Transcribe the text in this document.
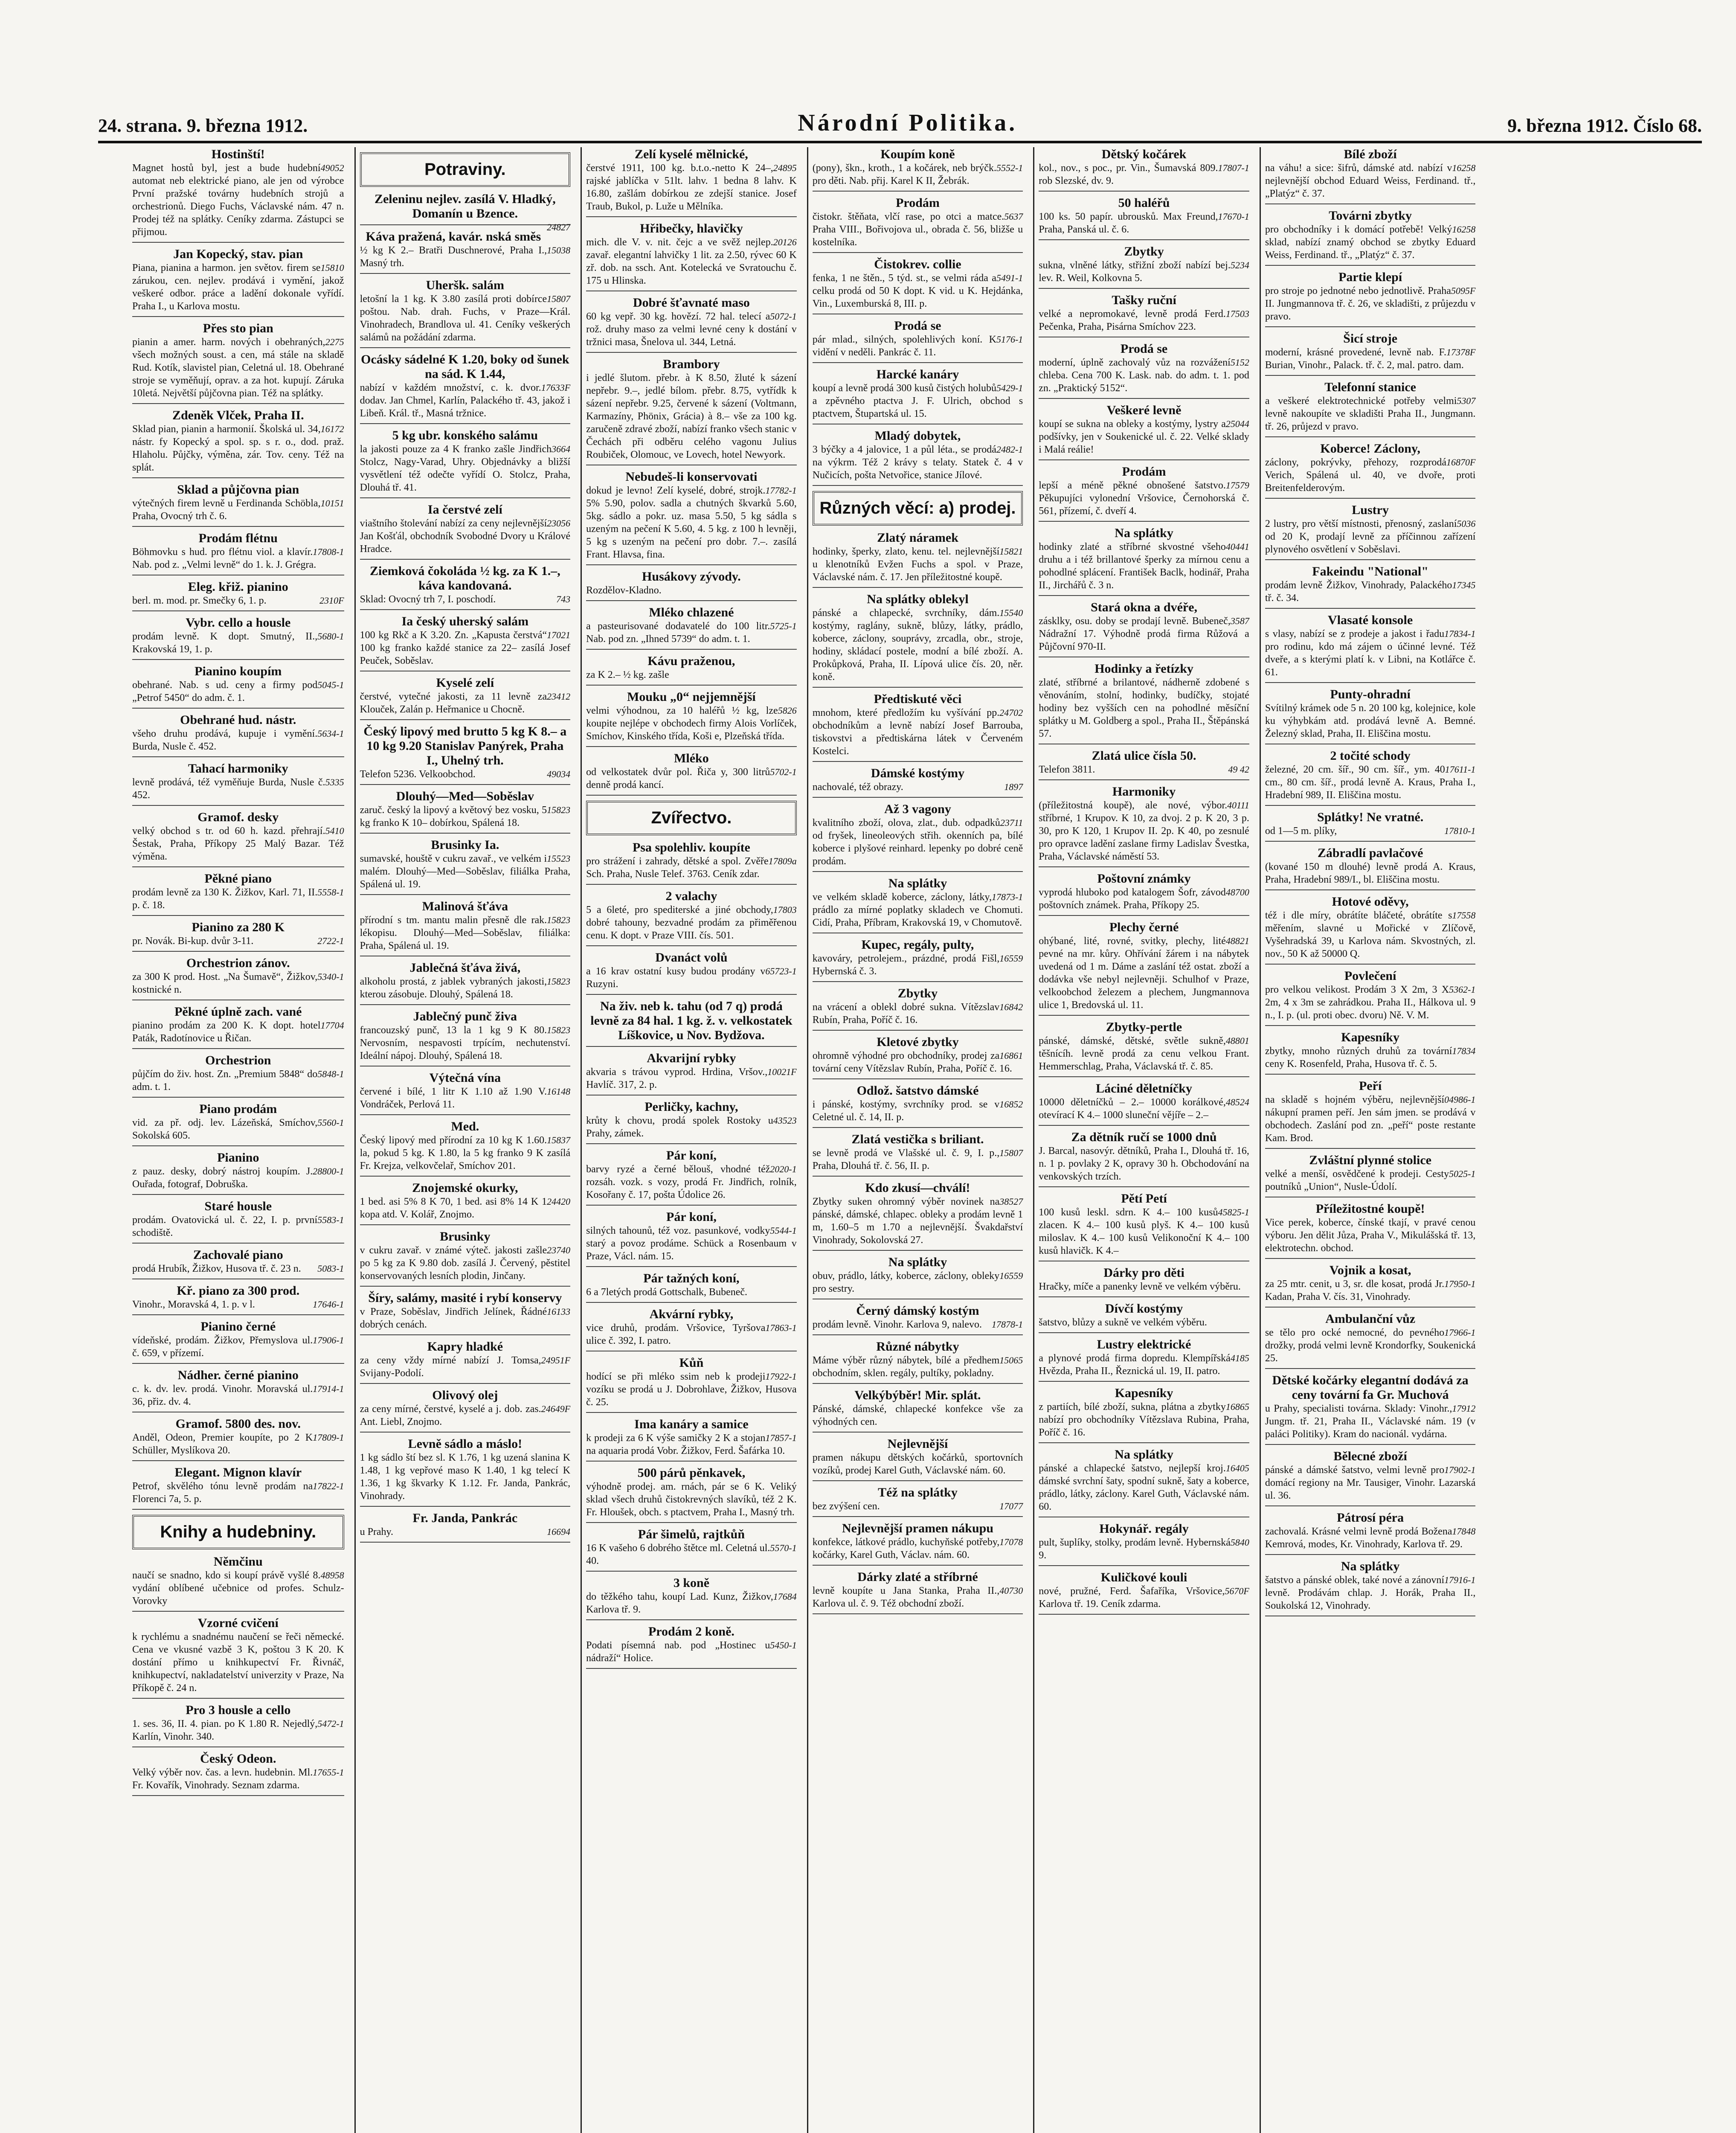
24. strana. 9. března 1912.	Národní Politika.	9. března 1912. Číslo 68.
Hostinští!
49052
Magnet hostů byl, jest a bude hudební automat neb elektrické piano, ale jen od výrobce První pražské továrny hudebních strojů a orchestrionů. Diego Fuchs, Václavské nám. 47 n. Prodej též na splátky. Ceníky zdarma. Zástupci se přijmou.
Jan Kopecký, stav. pian
15810
Piana, pianina a harmon. jen světov. firem se zárukou, cen. nejlev. prodává i vymění, jakož veškeré odbor. práce a ladění dokonale vyřídí. Praha I., u Karlova mostu.
Přes sto pian
2275
pianin a amer. harm. nových i obehraných, všech možných soust. a cen, má stále na skladě Rud. Kotík, slavistel pian, Celetná ul. 18. Obehrané stroje se vyměňují, oprav. a za hot. kupují. Záruka 10letá. Největší půjčovna pian. Též na splátky.
Zdeněk Vlček, Praha II.
16172
Sklad pian, pianin a harmonií. Školská ul. 34, nástr. fy Kopecký a spol. sp. s r. o., dod. praž. Hlaholu. Půjčky, výměna, zár. Tov. ceny. Též na splát.
Sklad a půjčovna pian
10151
výtečných firem levně u Ferdinanda Schöbla, Praha, Ovocný trh č. 6.
Prodám flétnu
17808-1
Böhmovku s hud. pro flétnu viol. a klavír. Nab. pod z. „Velmi levně“ do 1. k. J. Grégra.
Eleg. křiž. pianino
2310F
berl. m. mod. pr. Smečky 6, 1. p.
Vybr. cello a housle
5680-1
prodám levně. K dopt. Smutný, II., Krakovská 19, 1. p.
Pianino koupím
5045-1
obehrané. Nab. s ud. ceny a firmy pod „Petrof 5450“ do adm. č. 1.
Obehrané hud. nástr.
5634-1
všeho druhu prodává, kupuje i vymění. Burda, Nusle č. 452.
Tahací harmoniky
5335
levně prodává, též vyměňuje Burda, Nusle č. 452.
Gramof. desky
5410
velký obchod s tr. od 60 h. kazd. přehrají. Šestak, Praha, Příkopy 25 Malý Bazar. Též výměna.
Pěkné piano
5558-1
prodám levně za 130 K. Žižkov, Karl. 71, II. p. č. 18.
Pianino za 280 K
2722-1
pr. Novák. Bi-kup. dvůr 3-11.
Orchestrion zánov.
5340-1
za 300 K prod. Host. „Na Šumavě“, Žižkov, kostnické n.
Pěkné úplně zach. vané
17704
pianino prodám za 200 K. K dopt. hotel Paták, Radotínovice u Řičan.
Orchestrion
5848-1
půjčím do živ. host. Zn. „Premium 5848“ do adm. t. 1.
Piano prodám
5560-1
vid. za př. odj. lev. Lázeňská, Smíchov, Sokolská 605.
Pianino
28800-1
z pauz. desky, dobrý nástroj koupím. J. Ouřada, fotograf, Dobruška.
Staré housle
5583-1
prodám. Ovatovická ul. č. 22, I. p. první schodiště.
Zachovalé piano
5083-1
prodá Hrubík, Žižkov, Husova tř. č. 23 n.
Kř. piano za 300 prod.
17646-1
Vinohr., Moravská 4, 1. p. v l.
Pianino černé
17906-1
vídeňské, prodám. Žižkov, Přemyslova ul. č. 659, v přízemí.
Nádher. černé pianino
17914-1
c. k. dv. lev. prodá. Vinohr. Moravská ul. 36, přiz. dv. 4.
Gramof. 5800 des. nov.
17809-1
Anděl, Odeon, Premier koupíte, po 2 K Schüller, Myslíkova 20.
Elegant. Mignon klavír
17822-1
Petrof, skvělého tónu levně prodám na Florenci 7a, 5. p.
Knihy a hudebniny.
Němčinu
48958
naučí se snadno, kdo si koupí právě vyšlé 8. vydání oblíbené učebnice od profes. Schulz-Vorovky
Vzorné cvičení
k rychlému a snadnému naučení se řeči německé. Cena ve vkusné vazbě 3 K, poštou 3 K 20. K dostání přímo u knihkupectví Fr. Řivnáč, knihkupectví, nakladatelství univerzity v Praze, Na Příkopě č. 24 n.
Pro 3 housle a cello
5472-1
1. ses. 36, II. 4. pian. po K 1.80 R. Nejedlý, Karlín, Vinohr. 340.
Český Odeon.
17655-1
Velký výběr nov. čas. a levn. hudebnin. Ml. Fr. Kovařík, Vinohrady. Seznam zdarma.
Potraviny.
Zeleninu nejlev. zasílá V. Hladký, Domanín u Bzence.
24827
Káva pražená, kavár. nská směs
15038
½ kg K 2.– Bratři Duschnerové, Praha I., Masný trh.
Uheršk. salám
15807
letošní la 1 kg. K 3.80 zasílá proti dobírce poštou. Nab. drah. Fuchs, v Praze—Král. Vinohradech, Brandlova ul. 41. Ceníky veškerých salámů na požádání zdarma.
Ocásky sádelné K 1.20, boky od šunek na sád. K 1.44,
17633F
nabízí v každém množství, c. k. dvor. dodav. Jan Chmel, Karlín, Palackého tř. 43, jakož i Libeň. Král. tř., Masná tržnice.
5 kg ubr. konského salámu
3664
la jakosti pouze za 4 K franko zašle Jindřich Stolcz, Nagy-Varad, Uhry. Objednávky a bližší vysvětlení též odečte vyřídí O. Stolcz, Praha, Dlouhá tř. 41.
Ia čerstvé zelí
23056
viaštního štolevání nabízí za ceny nejlevnější Jan Košťál, obchodník Svobodné Dvory u Králové Hradce.
Ziemková čokoláda ½ kg. za K 1.–, káva kandovaná.
743
Sklad: Ovocný trh 7, I. poschodí.
Ia český uherský salám
17021
100 kg Rkč a K 3.20. Zn. „Kapusta čerstvá“ 100 kg franko každé stanice za 22– zasílá Josef Peuček, Soběslav.
Kyselé zelí
23412
čerstvé, vytečné jakosti, za 11 levně za Klouček, Zalán p. Heřmanice u Chocně.
Český lipový med brutto 5 kg K 8.– a 10 kg 9.20 Stanislav Panýrek, Praha I., Uhelný trh.
49034
Telefon 5236. Velkoobchod.
Dlouhý—Med—Soběslav
15823
zaruč. český la lipový a květový bez vosku, 5 kg franko K 10– dobírkou, Spálená 18.
Brusinky Ia.
15523
sumavské, houště v cukru zavař., ve velkém i malém. Dlouhý—Med—Soběslav, filiálka Praha, Spálená ul. 19.
Malinová šťáva
15823
přírodní s tm. mantu malin přesně dle rak. lékopisu. Dlouhý—Med—Soběslav, filiálka: Praha, Spálená ul. 19.
Jablečná šťáva živá,
15823
alkoholu prostá, z jablek vybraných jakosti, kterou zásobuje. Dlouhý, Spálená 18.
Jablečný punč živa
15823
francouzský punč, 13 la 1 kg 9 K 80. Nervosním, nespavosti trpícím, nechutenství. Ideální nápoj. Dlouhý, Spálená 18.
Výtečná vína
16148
červené i bílé, 1 litr K 1.10 až 1.90 V. Vondráček, Perlová 11.
Med.
15837
Český lipový med přírodní za 10 kg K 1.60. la, pokud 5 kg. K 1.80, la 5 kg franko 9 K zasílá Fr. Krejza, velkovčelař, Smíchov 201.
Znojemské okurky,
24420
1 bed. asi 5% 8 K 70, 1 bed. asi 8% 14 K 1 kopa atd. V. Kolář, Znojmo.
Brusinky
23740
v cukru zavař. v známé výteč. jakosti zašle po 5 kg za K 9.80 dob. zasílá J. Červený, pěstitel konservovaných lesních plodin, Jinčany.
Šíry, salámy, masité i rybí konservy
16133
v Praze, Soběslav, Jindřich Jelínek, Řádné dobrých cenách.
Kapry hladké
24951F
za ceny vždy mírné nabízí J. Tomsa, Svijany-Podolí.
Olivový olej
24649F
za ceny mírné, čerstvé, kyselé a j. dob. zas. Ant. Liebl, Znojmo.
Levně sádlo a máslo!
1 kg sádlo ští bez sl. K 1.76, 1 kg uzená slanina K 1.48, 1 kg vepřové maso K 1.40, 1 kg telecí K 1.36, 1 kg škvarky K 1.12. Fr. Janda, Pankrác, Vinohrady.
Fr. Janda, Pankrác
16694
u Prahy.
Zelí kyselé mělnické,
24895
čerstvé 1911, 100 kg. b.t.o.-netto K 24–, rajské jablíčka v 51lt. lahv. 1 bedna 8 lahv. K 16.80, zašlám dobírkou ze zdejší stanice. Josef Traub, Bukol, p. Luže u Mělníka.
Hřibečky, hlavičky
20126
mich. dle V. v. nit. čejc a ve svěž nejlep. zavař. elegantní lahvičky 1 lit. za 2.50, rývec 60 K zř. dob. na ssch. Ant. Kotelecká ve Svratouchu č. 175 u Hlinska.
Dobré šťavnaté maso
5072-1
60 kg vepř. 30 kg. hovězí. 72 hal. telecí a rož. druhy maso za velmi levné ceny k dostání v tržnici masa, Šnelova ul. 344, Letná.
Brambory
i jedlé šlutom. přebr. à K 8.50, žluté k sázení nepřebr. 9.–, jedlé bílom. přebr. 8.75, vytřídk k sázení nepřebr. 9.25, červené k sázení (Voltmann, Karmazíny, Phönix, Grácia) à 8.– vše za 100 kg. zaručeně zdravé zboží, nabízí franko všech stanic v Čechách při odběru celého vagonu Julius Roubiček, Olomouc, ve Lovech, hotel Newyork.
Nebudeš-li konservovati
17782-1
dokud je levno! Zelí kyselé, dobré, strojk. 5% 5.90, polov. sadla a chutných škvarků 5.60, 5kg. sádlo a pokr. uz. masa 5.50, 5 kg sádla s uzeným na pečení K 5.60, 4. 5 kg. z 100 h levněji, 5 kg s uzeným na pečení pro dobr. 7.–. zasílá Frant. Hlavsa, fina.
Husákovy zývody.
Rozdělov-Kladno.
Mléko chlazené
5725-1
a pasteurisované dodavatelé do 100 litr. Nab. pod zn. „Ihned 5739“ do adm. t. 1.
Kávu praženou,
za K 2.– ½ kg. zašle
Mouku „0“ nejjemnější
5826
velmi výhodnou, za 10 haléřů ½ kg, lze koupite nejlépe v obchodech firmy Alois Vorlíček, Smíchov, Kinského třída, Koši e, Plzeňská třída.
Mléko
5702-1
od velkostatek dvůr pol. Řiča y, 300 litrů denně prodá kancí.
Zvířectvo.
Psa spolehliv. koupíte
17809a
pro strážení i zahrady, dětské a spol. Zvěře Sch. Praha, Nusle Telef. 3763. Ceník zdar.
2 valachy
17803
5 a 6leté, pro spediterské a jiné obchody, dobré tahouny, bezvadné prodám za přiměřenou cenu. K dopt. v Praze VIII. čís. 501.
Dvanáct volů
65723-1
a 16 krav ostatní kusy budou prodány v Ruzyni.
Na živ. neb k. tahu (od 7 q) prodá levně za 84 hal. 1 kg. ž. v. velkostatek Líškovice, u Nov. Bydžova.
Akvarijní rybky
10021F
akvaria s trávou vyprod. Hrdina, Vršov., Havlíč. 317, 2. p.
Perličky, kachny,
43523
krůty k chovu, prodá spolek Rostoky u Prahy, zámek.
Pár koní,
2020-1
barvy ryzé a černé bělouš, vhodné též rozsáh. vozk. s vozy, prodá Fr. Jindřich, rolník, Kosořany č. 17, pošta Údolice 26.
Pár koní,
5544-1
silných tahounů, též voz. pasunkové, vodky starý a povoz prodáme. Schück a Rosenbaum v Praze, Václ. nám. 15.
Pár tažných koní,
6 a 7letých prodá Gottschalk, Bubeneč.
Akvární rybky,
17863-1
vice druhů, prodám. Vršovice, Tyršova ulice č. 392, I. patro.
Kůň
17922-1
hodící se při mléko ssim neb k prodeji vozíku se prodá u J. Dobrohlave, Žižkov, Husova č. 25.
Ima kanáry a samice
17857-1
k prodeji za 6 K výše samičky 2 K a stojan na aquaria prodá Vobr. Žižkov, Ferd. Šafárka 10.
500 párů pěnkavek,
výhodně prodej. am. rnách, pár se 6 K. Veliký sklad všech druhů čistokrevných slavíků, též 2 K. Fr. Hloušek, obch. s ptactvem, Praha I., Masný trh.
Pár šimelů, rajtkůň
5570-1
16 K vašeho 6 dobrého štětce ml. Celetná ul. 40.
3 koně
17684
do těžkého tahu, koupí Lad. Kunz, Žižkov, Karlova tř. 9.
Prodám 2 koně.
5450-1
Podati písemná nab. pod „Hostinec u nádraží“ Holice.
Koupím koně
5552-1
(pony), škn., kroth., 1 a kočárek, neb brýčk. pro děti. Nab. přij. Karel K II, Žebrák.
Prodám
5637
čistokr. štěňata, vlčí rase, po otci a matce. Praha VIII., Bořivojova ul., obrada č. 56, bližše u kostelníka.
Čistokrev. collie
5491-1
fenka, 1 ne štěn., 5 týd. st., se velmi ráda a celku prodá od 50 K dopt. K vid. u K. Hejdánka, Vin., Luxemburská 8, III. p.
Prodá se
5176-1
pár mlad., silných, spolehlivých koní. K vidění v neděli. Pankrác č. 11.
Harcké kanáry
5429-1
koupí a levně prodá 300 kusů čistých holubů a zpěvného ptactva J. F. Ulrich, obchod s ptactvem, Štupartská ul. 15.
Mladý dobytek,
2482-1
3 býčky a 4 jalovice, 1 a půl léta., se prodá na výkrm. Též 2 krávy s telaty. Statek č. 4 v Nučicích, pošta Netvořice, stanice Jílové.
Různých věcí: a) prodej.
Zlatý náramek
15821
hodinky, šperky, zlato, kenu. tel. nejlevnější u klenotníků Evžen Fuchs a spol. v Praze, Václavské nám. č. 17. Jen příležitostné koupě.
Na splátky oblekyl
15540
pánské a chlapecké, svrchníky, dám. kostýmy, raglány, sukně, blůzy, látky, prádlo, koberce, záclony, souprávy, zrcadla, obr., stroje, hodiny, skládací postele, modní a bílé zboží. A. Prokůpková, Praha, II. Lípová ulice čís. 20, něr. koně.
Předtiskuté věci
24702
mnohom, které předložím ku vyšívání pp. obchodníkům a levně nabízí Josef Barrouba, tiskovstvi a předtiskárna látek v Červeném Kostelci.
Dámské kostýmy
1897
nachovalé, též obrazy.
Až 3 vagony
23711
kvalitního zboží, olova, zlat., dub. odpadků od fryšek, lineoleových střih. okenních pa, bílé koberce i plyšové reinhard. lepenky po dobré ceně prodám.
Na splátky
17873-1
ve velkém skladě koberce, záclony, látky, prádlo za mírné poplatky skladech ve Chomuti. Cidí, Praha, Příbram, Krakovská 19, v Chomutově.
Kupec, regály, pulty,
16559
kavováry, petrolejem., prázdné, prodá Fišl, Hybernská č. 3.
Zbytky
16842
na vrácení a oblekl dobré sukna. Vítězslav Rubín, Praha, Poříč č. 16.
Kletové zbytky
16861
ohromně výhodné pro obchodníky, prodej za tovární ceny Vítězslav Rubín, Praha, Poříč č. 16.
Odlož. šatstvo dámské
16852
i pánské, kostýmy, svrchníky prod. se v Celetné ul. č. 14, II. p.
Zlatá vestička s briliant.
15807
se levně prodá ve Vlašské ul. č. 9, I. p., Praha, Dlouhá tř. č. 56, II. p.
Kdo zkusí—chválí!
38527
Zbytky suken ohromný výběr novinek na pánské, dámské, chlapec. obleky a prodám levně 1 m, 1.60–5 m 1.70 a nejlevnější. Švakdařství Vinohrady, Sokolovská 27.
Na splátky
16559
obuv, prádlo, látky, koberce, záclony, obleky pro sestry.
Černý dámský kostým
17878-1
prodám levně. Vinohr. Karlova 9, nalevo.
Různé nábytky
15065
Máme výběr různý nábytek, bílé a předhem obchodním, sklen. regály, pultíky, pokladny.
Velkýbýběr! Mir. splát.
Pánské, dámské, chlapecké konfekce vše za výhodných cen.
Nejlevnější
pramen nákupu dětských kočárků, sportovních vozíků, prodej Karel Guth, Václavské nám. 60.
Též na splátky
17077
bez zvýšení cen.
Nejlevnější pramen nákupu
17078
konfekce, látkové prádlo, kuchyňské potřeby, kočárky, Karel Guth, Václav. nám. 60.
Dárky zlaté a stříbrné
40730
levně koupíte u Jana Stanka, Praha II., Karlova ul. č. 9. Též obchodní zboží.
Dětský kočárek
17807-1
kol., nov., s poc., pr. Vin., Šumavská 809. rob Slezské, dv. 9.
50 haléřů
17670-1
100 ks. 50 papír. ubrousků. Max Freund, Praha, Panská ul. č. 6.
Zbytky
5234
sukna, vlněné látky, střižní zboží nabízí bej. lev. R. Weil, Kolkovna 5.
Tašky ruční
17503
velké a nepromokavé, levně prodá Ferd. Pečenka, Praha, Pisárna Smíchov 223.
Prodá se
5152
moderní, úplně zachovalý vůz na rozvážení chleba. Cena 700 K. Lask. nab. do adm. t. 1. pod zn. „Praktický 5152“.
Veškeré levně
25044
koupí se sukna na obleky a kostýmy, lystry a podšívky, jen v Soukenické ul. č. 22. Velké sklady i Malá reálie!
Prodám
17579
lepší a méně pěkné obnošené šatstvo. Pěkupujíci vylonední Vršovice, Černohorská č. 561, přízemí, č. dveří 4.
Na splátky
40441
hodinky zlaté a stříbrné skvostné všeho druhu a i též brillantové šperky za mírnou cenu a pohodlné splácení. František Baclk, hodinář, Praha II., Jirchářů č. 3 n.
Stará okna a dvéře,
3587
zásklky, osu. doby se prodají levně. Bubeneč, Nádražní 17. Výhodně prodá firma Růžová a Půjčovní 970-II.
Hodinky a řetízky
zlaté, stříbrné a brilantové, nádherně zdobené s věnováním, stolní, hodinky, budíčky, stojaté hodiny bez vyšších cen na pohodlné měsíční splátky u M. Goldberg a spol., Praha II., Štěpánská 57.
Zlatá ulice čísla 50.
49 42
Telefon 3811.
Harmoniky
40111
(příležitostná koupě), ale nové, výbor. stříbrné, 1 Krupov. K 10, za dvoj. 2 p. K 20, 3 p. 30, pro K 120, 1 Krupov II. 2p. K 40, po zesnulé pro opravce ladění zaslane firmy Ladislav Švestka, Praha, Václavské náměstí 53.
Poštovní známky
48700
vyprodá hluboko pod katalogem Šofr, závod poštovních známek. Praha, Příkopy 25.
Plechy černé
48821
ohýbané, lité, rovné, svitky, plechy, lité pevné na mr. kůry. Ohřívání žárem i na nábytek uvedená od 1 m. Dáme a zaslání též ostat. zboží a dodávka vše nebyl nejlevněji. Schulhof v Praze, velkoobchod železem a plechem, Jungmannova ulice 1, Bredovská ul. 11.
Zbytky-pertle
48801
pánské, dámské, dětské, světle sukně, těšnícíh. levně prodá za cenu velkou Frant. Hemmerschlag, Praha, Václavská tř. č. 85.
Láciné děletníčky
48524
10000 děletníčků – 2.– 10000 korálkové, otevírací K 4.– 1000 sluneční vějíře – 2.–
Za dětník ručí se 1000 dnů
J. Barcal, nasovýr. dětníků, Praha I., Dlouhá tř. 16, n. 1 p. povlaky 2 K, opravy 30 h. Obchodování na venkovských trzích.
Pětí Petí
45825-1
100 kusů leskl. sdrn. K 4.– 100 kusů zlacen. K 4.– 100 kusů plyš. K 4.– 100 kusů miloslav. K 4.– 100 kusů Velikonoční K 4.– 100 kusů hlavičk. K 4.–
Dárky pro děti
Hračky, míče a panenky levně ve velkém výběru.
Dívčí kostýmy
šatstvo, blůzy a sukně ve velkém výběru.
Lustry elektrické
4185
a plynové prodá firma dopredu. Klempířská Hvězda, Praha II., Řeznická ul. 19, II. patro.
Kapesníky
16865
z partiích, bílé zboží, sukna, plátna a zbytky nabízí pro obchodníky Vítězslava Rubina, Praha, Poříč č. 16.
Na splátky
16405
pánské a chlapecké šatstvo, nejlepší kroj. dámské svrchní šaty, spodní sukně, šaty a koberce, prádlo, látky, záclony. Karel Guth, Václavské nám. 60.
Hokynář. regály
5840
pult, šuplíky, stolky, prodám levně. Hybernská 9.
Kuličkové kouli
5670F
nové, pružné, Ferd. Šafaříka, Vršovice, Karlova tř. 19. Ceník zdarma.
Bílé zboží
16258
na váhu! a sice: šifrů, dámské atd. nabízí v nejlevnější obchod Eduard Weiss, Ferdinand. tř., „Platýz“ č. 37.
Továrni zbytky
16258
pro obchodníky i k domácí potřebě! Velký sklad, nabízí znamý obchod se zbytky Eduard Weiss, Ferdinand. tř., „Platýz“ č. 37.
Partie klepí
5095F
pro stroje po jednotné nebo jednotlivě. Praha II. Jungmannova tř. č. 26, ve skladišti, z průjezdu v pravo.
Šicí stroje
17378F
moderní, krásné provedené, levně nab. F. Burian, Vinohr., Palack. tř. č. 2, mal. patro. dam.
Telefonní stanice
5307
a veškeré elektrotechnické potřeby velmi levně nakoupíte ve skladišti Praha II., Jungmann. tř. 26, průjezd v pravo.
Koberce! Záclony,
16870F
záclony, pokrývky, přehozy, rozprodá Verich, Spálená ul. 40, ve dvoře, proti Breitenfelderovým.
Lustry
5036
2 lustry, pro větší místnosti, přenosný, zaslaní od 20 K, prodají levně za příčinnou zařízení plynového osvětlení v Soběslavi.
Fakeindu "National"
17345
prodám levně Žižkov, Vinohrady, Palackého tř. č. 34.
Vlasaté konsole
17834-1
s vlasy, nabízí se z prodeje a jakost i řadu pro rodinu, kdo má zájem o účinné levné. Též dveře, a s kterými platí k. v Libni, na Kotlářce č. 61.
Punty-ohradní
Svítilný krámek ode 5 n. 20 100 kg, kolejnice, kole ku výhybkám atd. prodává levně A. Bemné. Železný sklad, Praha, II. Eliščina mostu.
2 točité schody
17611-1
železné, 20 cm. šíř., 90 cm. šíř., ym. 40 cm., 80 cm. šíř., prodá levně A. Kraus, Praha I., Hradební 989, II. Eliščina mostu.
Splátky! Ne vratné.
17810-1
od 1—5 m. plíky,
Zábradlí pavlačové
(kované 150 m dlouhé) levně prodá A. Kraus, Praha, Hradební 989/I., bl. Eliščina mostu.
Hotové oděvy,
17558
též i dle míry, obrátíte bláčeté, obrátíte s měřením, slavné u Mořické v Zlíčově, Vyšehradská 39, u Karlova nám. Skvostných, zl. nov., 50 K až 50000 Q.
Povlečení
5362-1
pro velkou velikost. Prodám 3 X 2m, 3 X 2m, 4 x 3m se zahrádkou. Praha II., Hálkova ul. 9 n., I. p. (ul. proti obec. dvoru) Ně. V. M.
Kapesníky
17834
zbytky, mnoho různých druhů za tovární ceny K. Rosenfeld, Praha, Husova tř. č. 5.
Peří
04986-1
na skladě s hojném výběru, nejlevnější nákupní pramen peří. Jen sám jmen. se prodává v obchodech. Zaslání pod zn. „peří“ poste restante Kam. Brod.
Zvláštní plynné stolice
5025-1
velké a menší, osvědčené k prodeji. Cesty poutníků „Union“, Nusle-Údolí.
Příležitostné koupě!
Vice perek, koberce, čínské tkají, v pravé cenou výboru. Jen dělit Jůza, Praha V., Mikulášská tř. 13, elektrotechn. obchod.
Vojnik a kosat,
17950-1
za 25 mtr. cenit, u 3, sr. dle kosat, prodá Jr. Kadan, Praha V. čís. 31, Vinohrady.
Ambulanční vůz
17966-1
se tělo pro ocké nemocné, do pevného drožky, prodá velmi levně Krondorfky, Soukenická 25.
Dětské kočárky elegantní dodává za ceny tovární fa Gr. Muchová
17912
u Prahy, specialisti továrna. Sklady: Vinohr., Jungm. tř. 21, Praha II., Václavské nám. 19 (v paláci Politiky). Kram do nacionál. vydárna.
Bělecné zboží
17902-1
pánské a dámské šatstvo, velmi levně pro domácí regiony na Mr. Tausiger, Vinohr. Lazarská ul. 36.
Pátrosí péra
17848
zachovalá. Krásné velmi levně prodá Božena Kemrová, modes, Kr. Vinohrady, Karlova tř. 29.
Na splátky
17916-1
šatstvo a pánské oblek, také nové a zánovní levně. Prodávám chlap. J. Horák, Praha II., Soukolská 12, Vinohrady.
